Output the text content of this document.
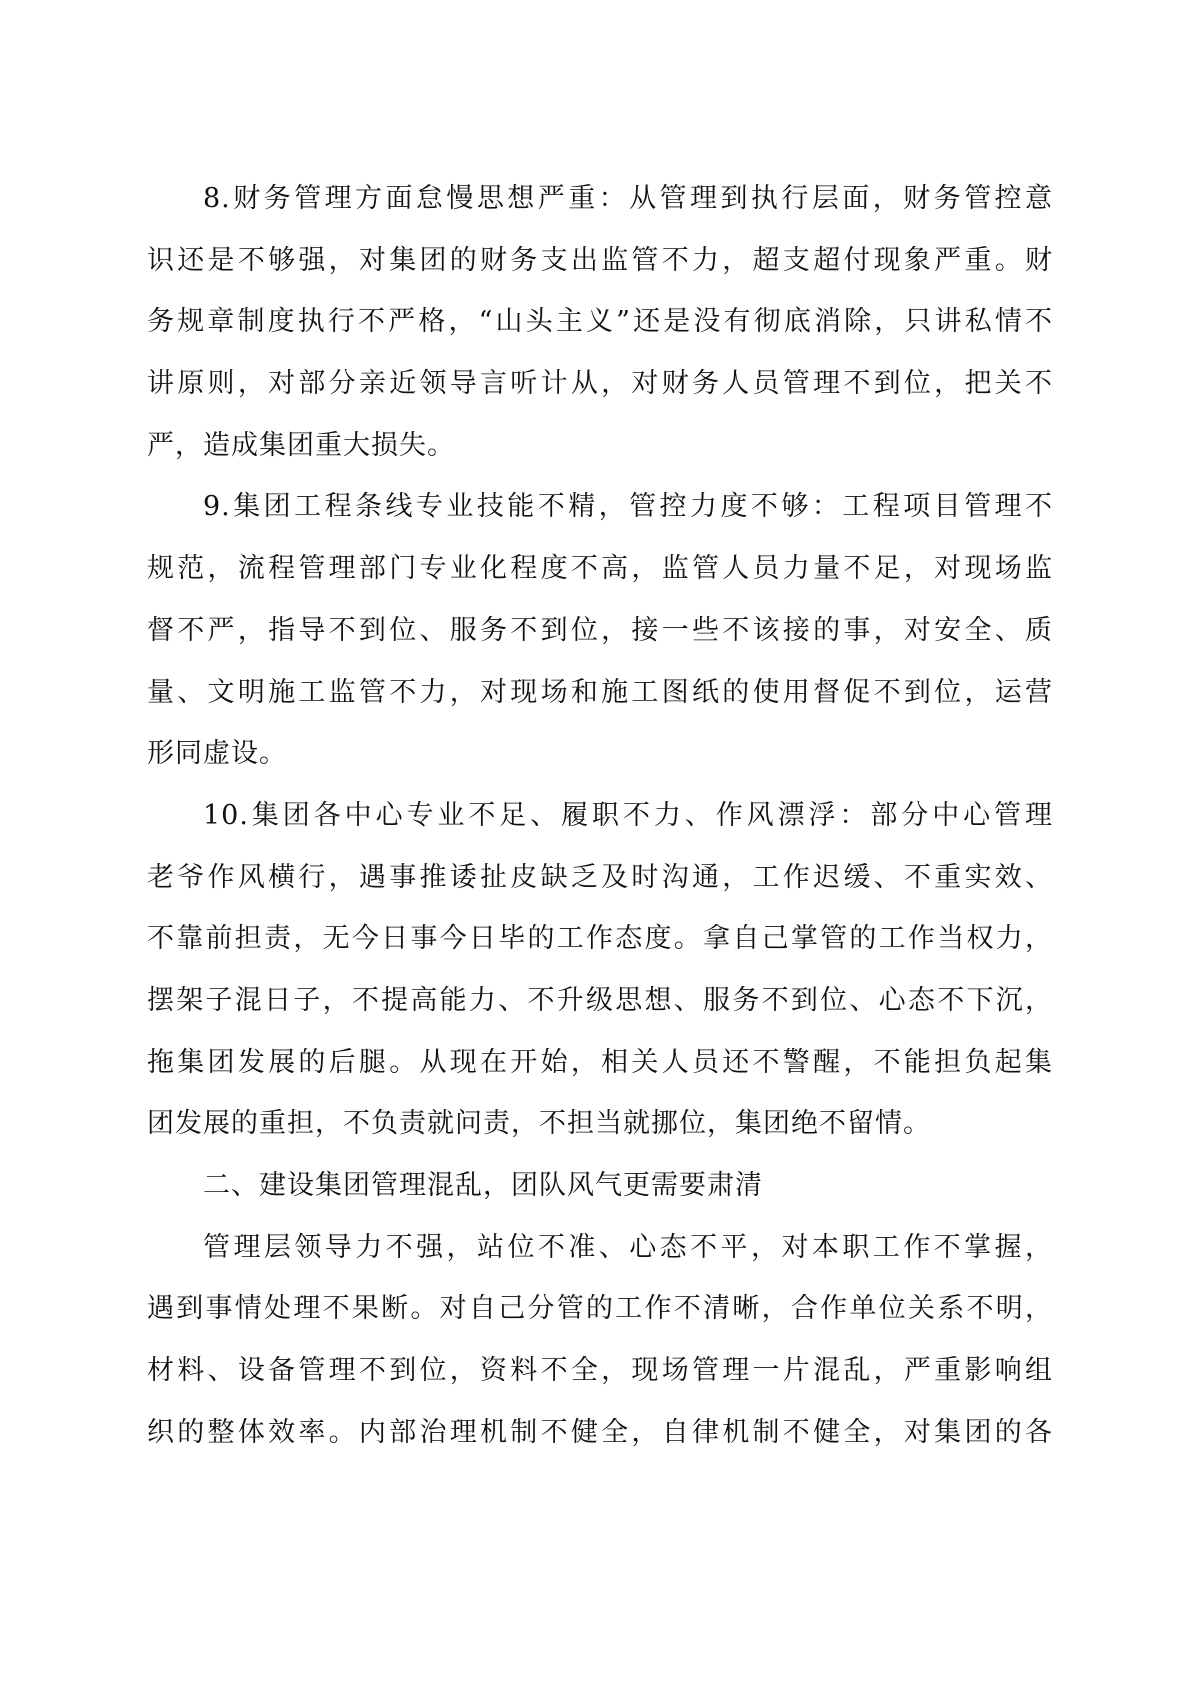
8.财务管理方面怠慢思想严重：从管理到执行层面，财务管控意
识还是不够强，对集团的财务支出监管不力，超支超付现象严重。财
务规章制度执行不严格，“山头主义”还是没有彻底消除，只讲私情不
讲原则，对部分亲近领导言听计从，对财务人员管理不到位，把关不
严，造成集团重大损失。
9.集团工程条线专业技能不精，管控力度不够：工程项目管理不
规范，流程管理部门专业化程度不高，监管人员力量不足，对现场监
督不严，指导不到位、服务不到位，接一些不该接的事，对安全、质
量、文明施工监管不力，对现场和施工图纸的使用督促不到位，运营
形同虚设。
10.集团各中心专业不足、履职不力、作风漂浮：部分中心管理
老爷作风横行，遇事推诿扯皮缺乏及时沟通，工作迟缓、不重实效、
不靠前担责，无今日事今日毕的工作态度。拿自己掌管的工作当权力，
摆架子混日子，不提高能力、不升级思想、服务不到位、心态不下沉，
拖集团发展的后腿。从现在开始，相关人员还不警醒，不能担负起集
团发展的重担，不负责就问责，不担当就挪位，集团绝不留情。
二、建设集团管理混乱，团队风气更需要肃清
管理层领导力不强，站位不准、心态不平，对本职工作不掌握，
遇到事情处理不果断。对自己分管的工作不清晰，合作单位关系不明，
材料、设备管理不到位，资料不全，现场管理一片混乱，严重影响组
织的整体效率。内部治理机制不健全，自律机制不健全，对集团的各
